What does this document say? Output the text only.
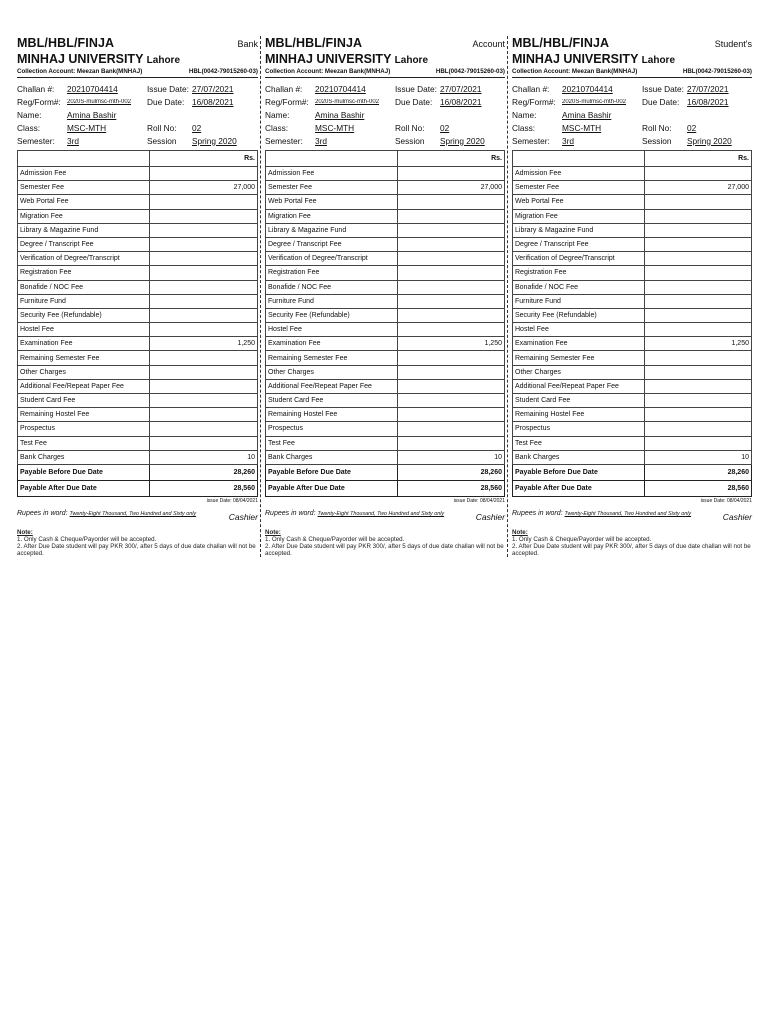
MBL/HBL/FINJA	Bank
MINHAJ UNIVERSITY Lahore
Collection Account: Meezan Bank(MNHAJ)	HBL(0042-79015260-03)
Challan #:	20210704414	Issue Date: 27/07/2021
Reg/Form#:	2020S-mulmsc-mth-002	Due Date: 16/08/2021
Name:	Amina Bashir
Class:	MSC-MTH	Roll No:	02
Semester:	3rd	Session	Spring 2020
	Rs.
Admission Fee	
Semester Fee	27,000
Web Portal Fee	
Migration Fee	
Library & Magazine Fund	
Degree / Transcript Fee	
Verification of Degree/Transcript	
Registration Fee	
Bonafide / NOC Fee	
Furniture Fund	
Security Fee (Refundable)	
Hostel Fee	
Examination Fee	1,250
Remaining Semester Fee	
Other Charges	
Additional Fee/Repeat Paper Fee	
Student Card Fee	
Remaining Hostel Fee	
Prospectus	
Test Fee	
Bank Charges	10
Payable Before Due Date	28,260
Payable After Due Date	28,560
issue Date: 08/04/2021
Rupees in word: Twenty-Eight Thousand, Two Hundred and Sixty only	Cashier
Note:
1. Only Cash & Cheque/Payorder will be accepted.
2. After Due Date student will pay PKR 300/, after 5 days of due date challan will not be accepted.
MBL/HBL/FINJA	Account
MINHAJ UNIVERSITY Lahore
Collection Account: Meezan Bank(MNHAJ)	HBL(0042-79015260-03)
Challan #:	20210704414	Issue Date: 27/07/2021
Reg/Form#:	2020S-mulmsc-mth-002	Due Date: 16/08/2021
Name:	Amina Bashir
Class:	MSC-MTH	Roll No:	02
Semester:	3rd	Session	Spring 2020
	Rs.
Admission Fee	
Semester Fee	27,000
Web Portal Fee	
Migration Fee	
Library & Magazine Fund	
Degree / Transcript Fee	
Verification of Degree/Transcript	
Registration Fee	
Bonafide / NOC Fee	
Furniture Fund	
Security Fee (Refundable)	
Hostel Fee	
Examination Fee	1,250
Remaining Semester Fee	
Other Charges	
Additional Fee/Repeat Paper Fee	
Student Card Fee	
Remaining Hostel Fee	
Prospectus	
Test Fee	
Bank Charges	10
Payable Before Due Date	28,260
Payable After Due Date	28,560
issue Date: 08/04/2021
Rupees in word: Twenty-Eight Thousand, Two Hundred and Sixty only	Cashier
Note:
1. Only Cash & Cheque/Payorder will be accepted.
2. After Due Date student will pay PKR 300/, after 5 days of due date challan will not be accepted.
MBL/HBL/FINJA	Student's
MINHAJ UNIVERSITY Lahore
Collection Account: Meezan Bank(MNHAJ)	HBL(0042-79015260-03)
Challan #:	20210704414	Issue Date: 27/07/2021
Reg/Form#:	2020S-mulmsc-mth-002	Due Date: 16/08/2021
Name:	Amina Bashir
Class:	MSC-MTH	Roll No:	02
Semester:	3rd	Session	Spring 2020
	Rs.
Admission Fee	
Semester Fee	27,000
Web Portal Fee	
Migration Fee	
Library & Magazine Fund	
Degree / Transcript Fee	
Verification of Degree/Transcript	
Registration Fee	
Bonafide / NOC Fee	
Furniture Fund	
Security Fee (Refundable)	
Hostel Fee	
Examination Fee	1,250
Remaining Semester Fee	
Other Charges	
Additional Fee/Repeat Paper Fee	
Student Card Fee	
Remaining Hostel Fee	
Prospectus	
Test Fee	
Bank Charges	10
Payable Before Due Date	28,260
Payable After Due Date	28,560
issue Date: 08/04/2021
Rupees in word: Twenty-Eight Thousand, Two Hundred and Sixty only	Cashier
Note:
1. Only Cash & Cheque/Payorder will be accepted.
2. After Due Date student will pay PKR 300/, after 5 days of due date challan will not be accepted.
